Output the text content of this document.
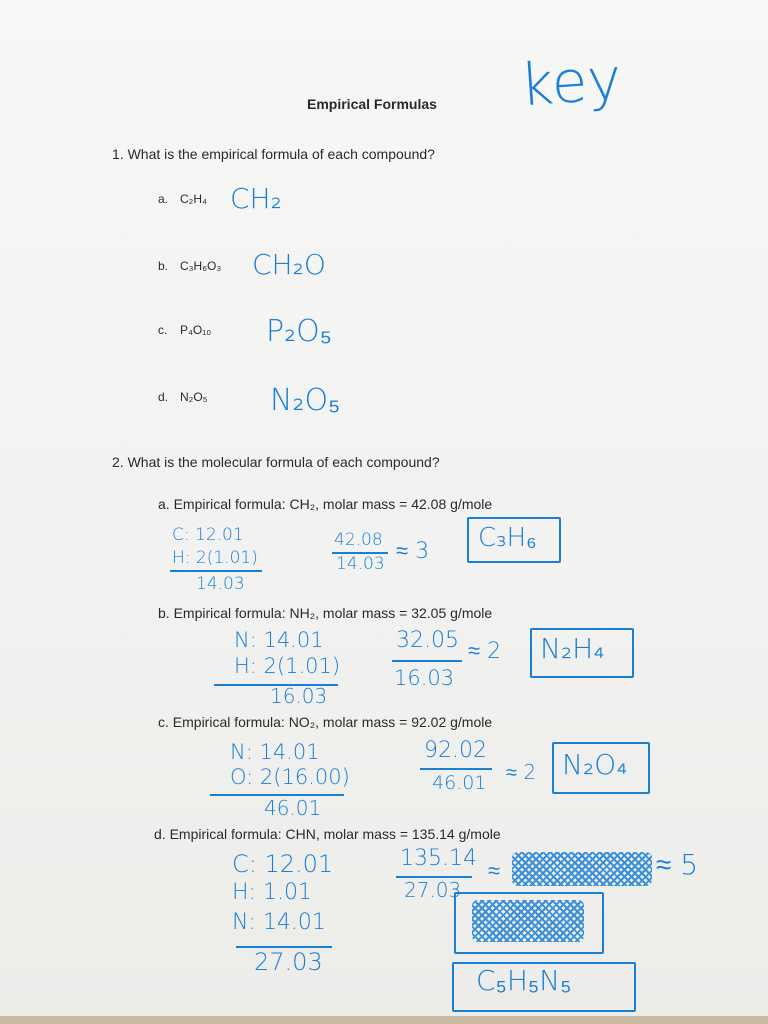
Empirical Formulas key
1. What is the empirical formula of each compound?
a. C₂H₄ CH₂
b. C₃H₆O₃ CH₂O
c. P₄O₁₀ P₂O₅
d. N₂O₅ N₂O₅
2. What is the molecular formula of each compound?
a. Empirical formula: CH₂, molar mass = 42.08 g/mole
C: 12.01
H: 2(1.01)
14.03
42.08
14.03 ≈ 3 C₃H₆
b. Empirical formula: NH₂, molar mass = 32.05 g/mole
N: 14.01
H: 2(1.01)
16.03
32.05
16.03
≈ 2 N₂H₄
c. Empirical formula: NO₂, molar mass = 92.02 g/mole
N: 14.01
O: 2(16.00)
46.01
92.02
46.01 ≈ 2 N₂O₄
d. Empirical formula: CHN, molar mass = 135.14 g/mole
C: 12.01
H: 1.01
N: 14.01
27.03
135.14
27.03
≈	≈ 5
C₅H₅N₅
